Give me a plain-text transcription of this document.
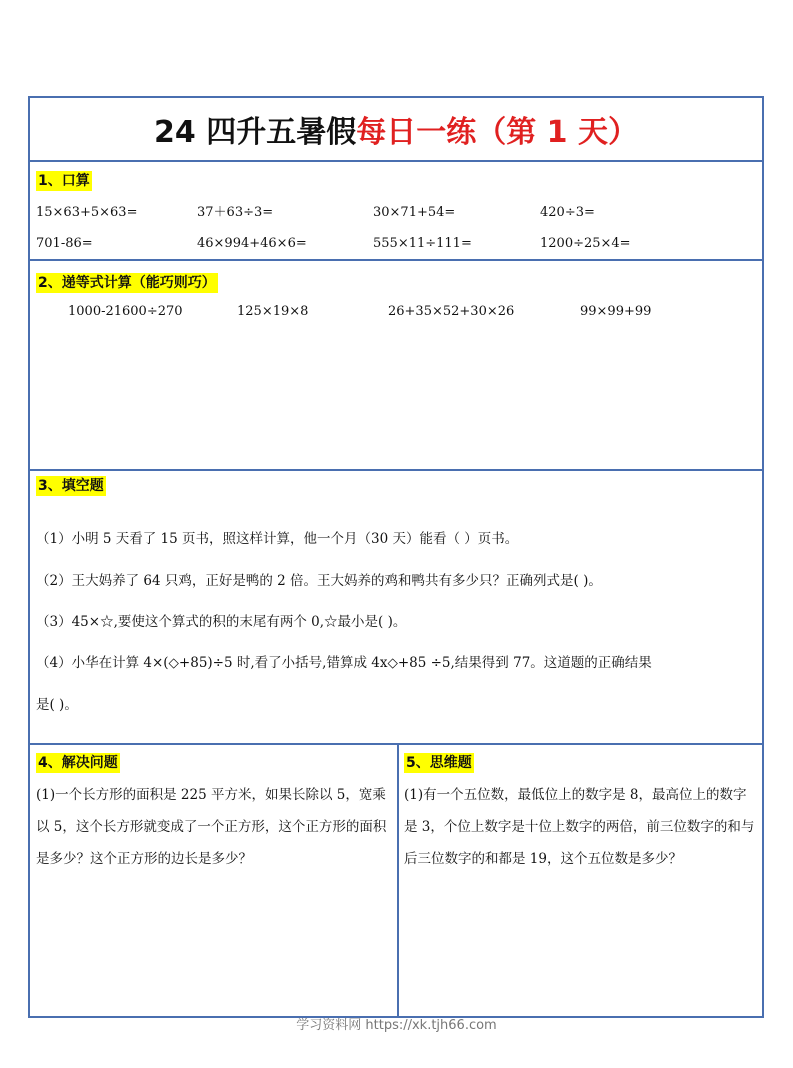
24 四升五暑假 每日一练（第 1 天）
1、口算
15×63+5×63=	37＋63÷3=	30×71+54=	420÷3=
701-86=	46×994+46×6=	555×11÷111=	1200÷25×4=
2、递等式计算（能巧则巧）
1000-21600÷270	125×19×8	26+35×52+30×26	99×99+99
3、填空题
（1）小明 5 天看了 15 页书，照这样计算，他一个月（30 天）能看（ ）页书。
（2）王大妈养了 64 只鸡，正好是鸭的 2 倍。王大妈养的鸡和鸭共有多少只？正确列式是( )。
（3）45×☆,要使这个算式的积的末尾有两个 0,☆最小是( )。
（4）小华在计算 4×(◇+85)÷5 时,看了小括号,错算成 4x◇+85 ÷5,结果得到 77。这道题的正确结果
是( )。
4、解决问题
(1)一个长方形的面积是 225 平方米，如果长除以 5，宽乘以 5，这个长方形就变成了一个正方形，这个正方形的面积是多少？这个正方形的边长是多少？
5、思维题
(1)有一个五位数，最低位上的数字是 8，最高位上的数字是 3，个位上数字是十位上数字的两倍，前三位数字的和与后三位数字的和都是 19，这个五位数是多少？
学习资料网 https://xk.tjh66.com
